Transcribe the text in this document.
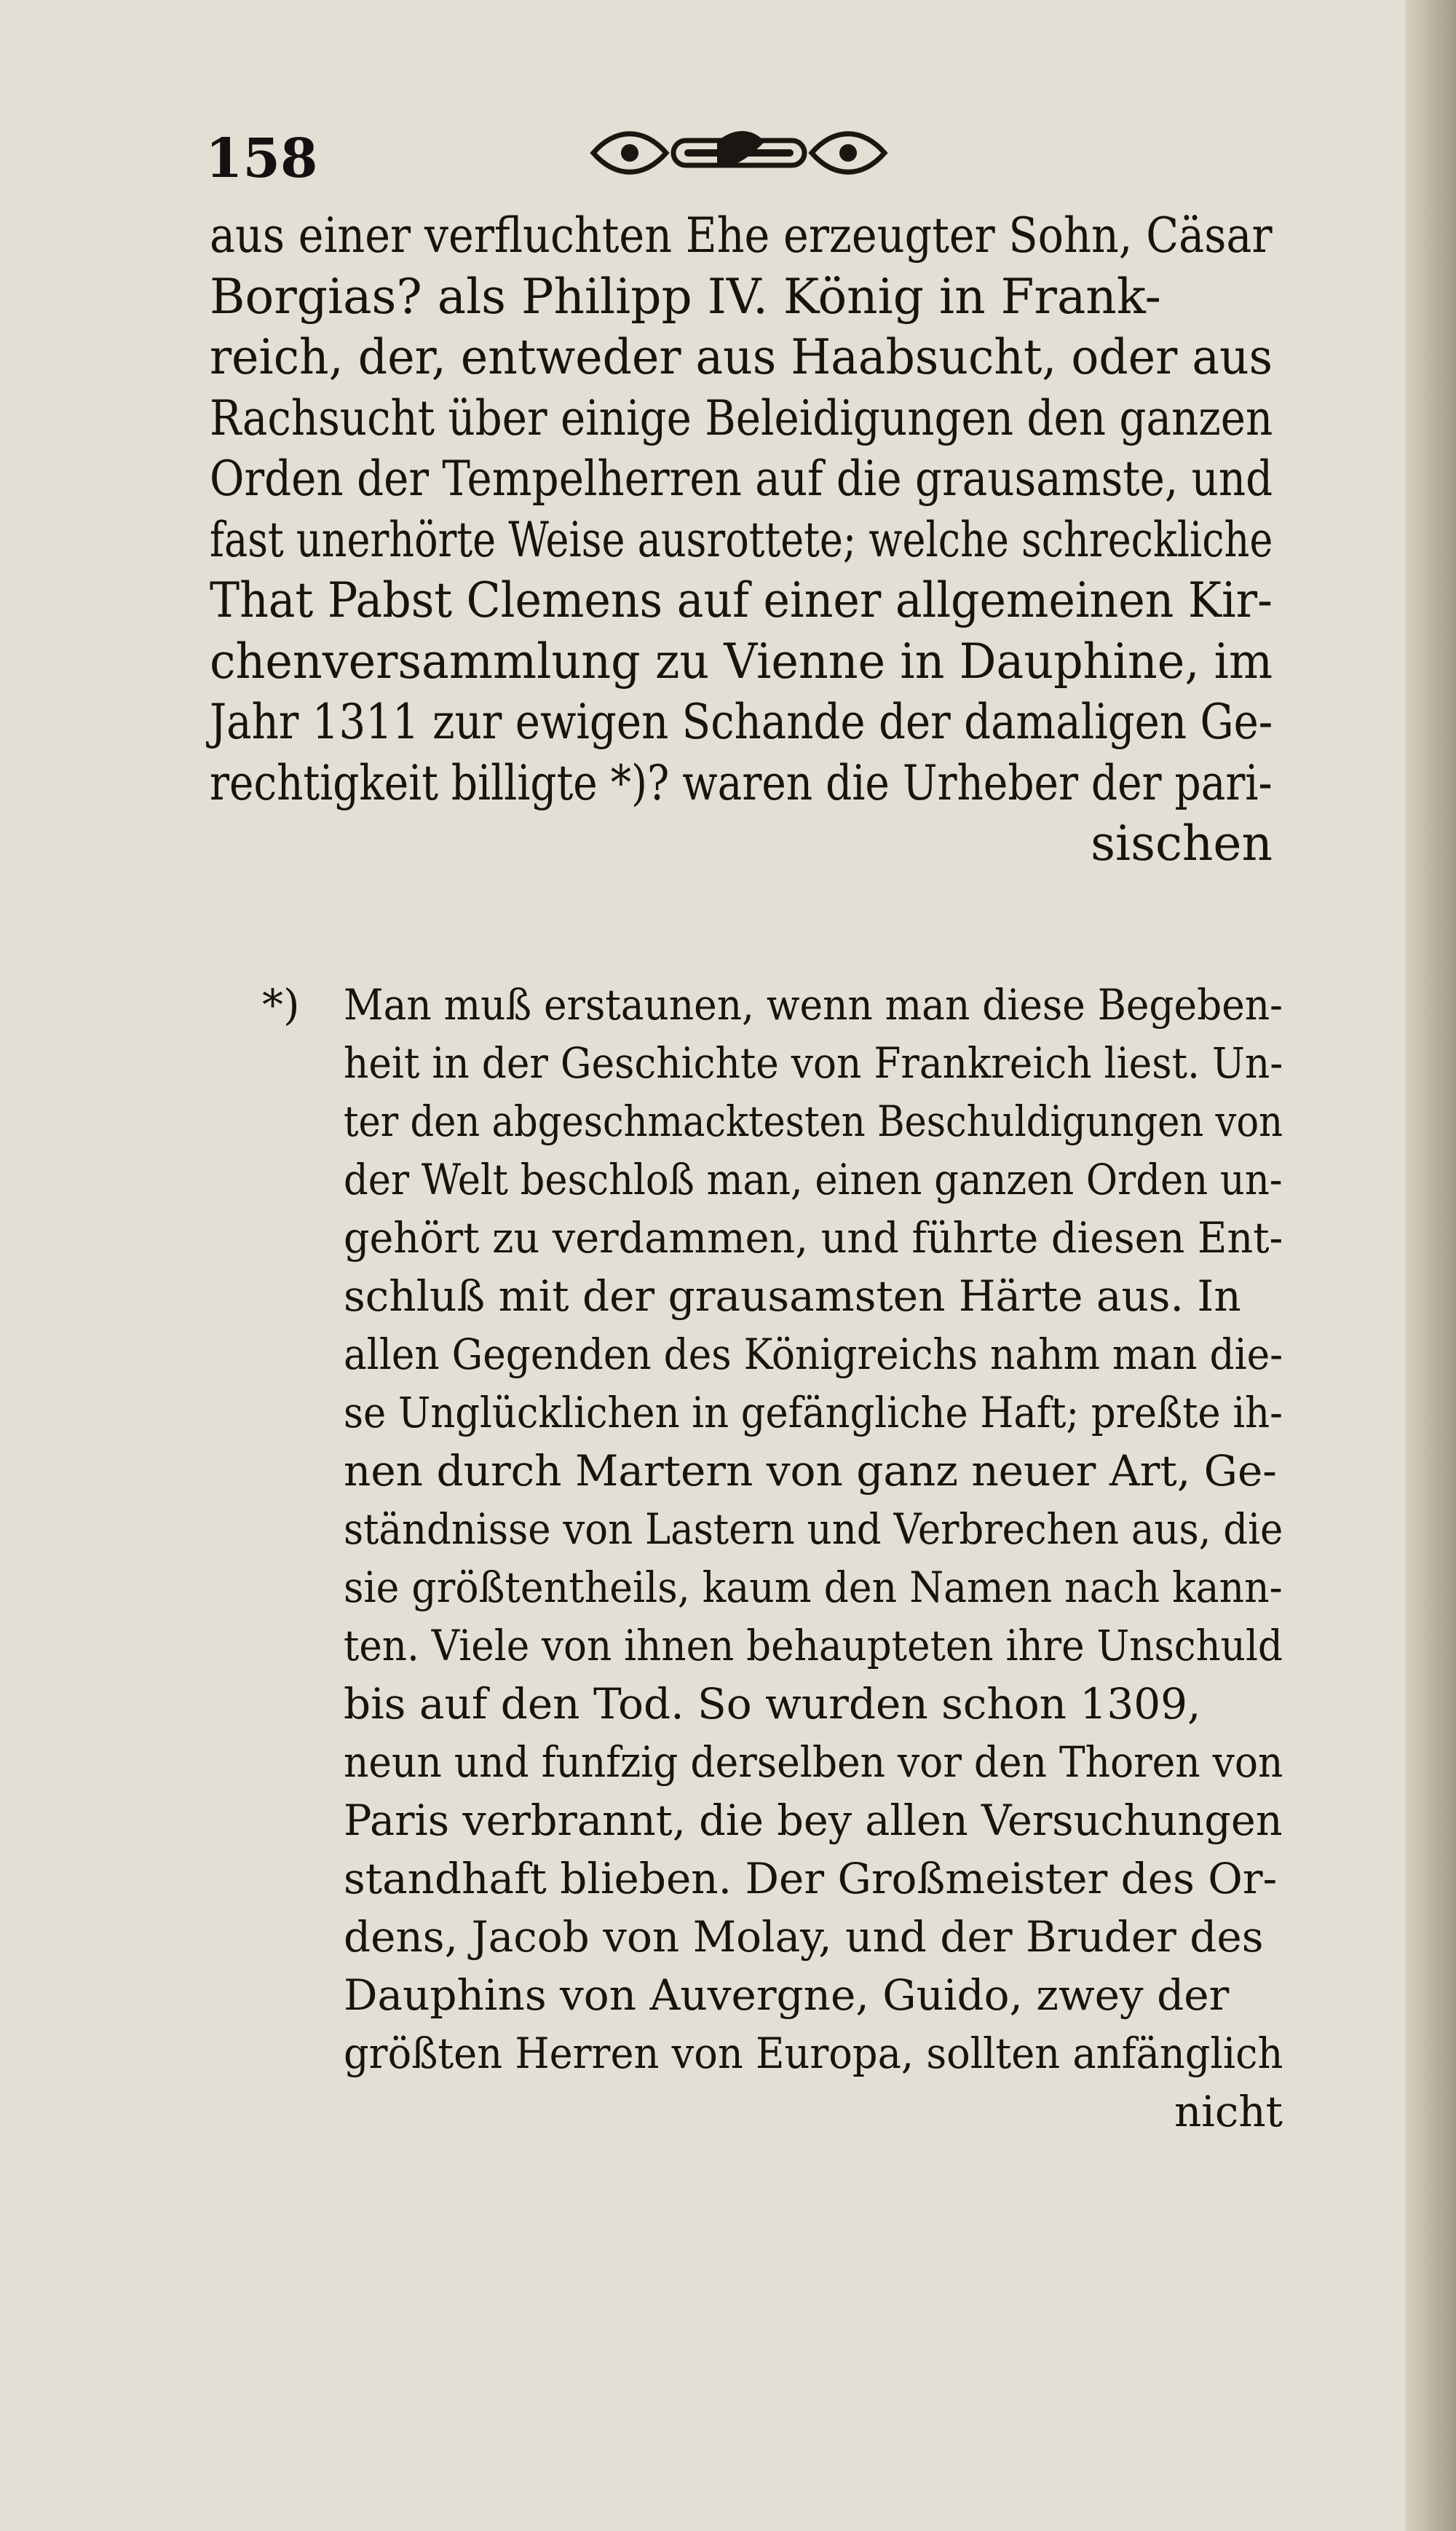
158
aus einer verfluchten Ehe erzeugter Sohn, Cäsar
Borgias? als Philipp IV. König in Frank-
reich, der, entweder aus Haabsucht, oder aus
Rachsucht über einige Beleidigungen den ganzen
Orden der Tempelherren auf die grausamste, und
fast unerhörte Weise ausrottete; welche schreckliche
That Pabst Clemens auf einer allgemeinen Kir-
chenversammlung zu Vienne in Dauphine, im
Jahr 1311 zur ewigen Schande der damaligen Ge-
rechtigkeit billigte *)? waren die Urheber der pari-
sischen
*) Man muß erstaunen, wenn man diese Begeben-
heit in der Geschichte von Frankreich liest. Un-
ter den abgeschmacktesten Beschuldigungen von
der Welt beschloß man, einen ganzen Orden un-
gehört zu verdammen, und führte diesen Ent-
schluß mit der grausamsten Härte aus. In
allen Gegenden des Königreichs nahm man die-
se Unglücklichen in gefängliche Haft; preßte ih-
nen durch Martern von ganz neuer Art, Ge-
ständnisse von Lastern und Verbrechen aus, die
sie größtentheils, kaum den Namen nach kann-
ten. Viele von ihnen behaupteten ihre Unschuld
bis auf den Tod. So wurden schon 1309,
neun und funfzig derselben vor den Thoren von
Paris verbrannt, die bey allen Versuchungen
standhaft blieben. Der Großmeister des Or-
dens, Jacob von Molay, und der Bruder des
Dauphins von Auvergne, Guido, zwey der
größten Herren von Europa, sollten anfänglich
nicht
